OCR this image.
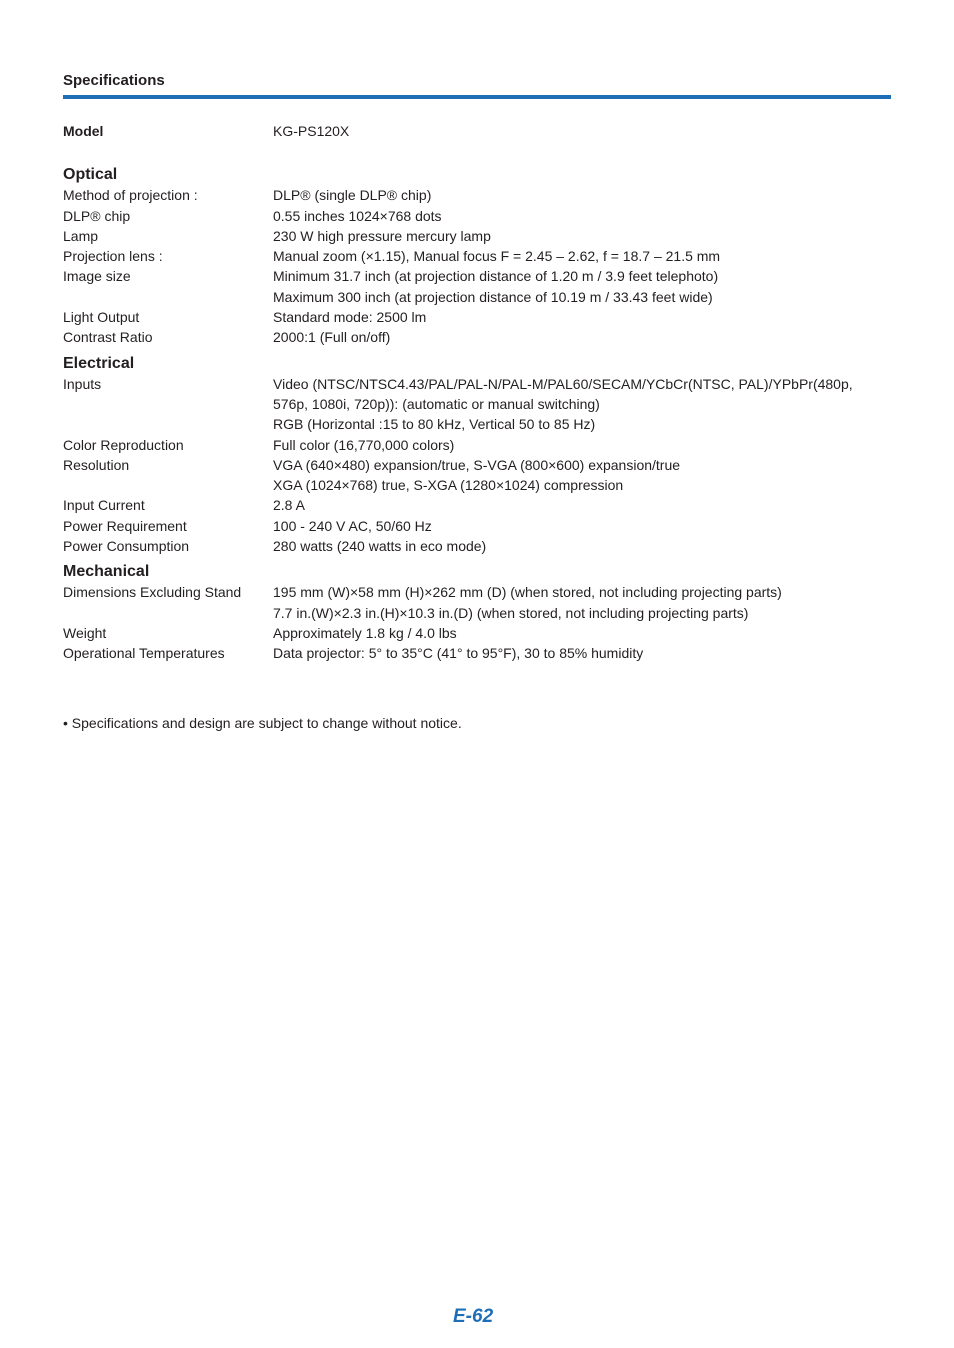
Specifications
Model	KG-PS120X
Optical
Method of projection :	DLP® (single DLP® chip)
DLP® chip	0.55 inches 1024×768 dots
Lamp	230 W high pressure mercury lamp
Projection lens :	Manual zoom (×1.15), Manual focus F = 2.45 – 2.62, f = 18.7 – 21.5 mm
Image size	Minimum 31.7 inch (at projection distance of 1.20 m / 3.9 feet telephoto)
Maximum 300 inch (at projection distance of 10.19 m / 33.43 feet wide)
Light Output	Standard mode: 2500 lm
Contrast Ratio	2000:1 (Full on/off)
Electrical
Inputs	Video (NTSC/NTSC4.43/PAL/PAL-N/PAL-M/PAL60/SECAM/YCbCr(NTSC, PAL)/YPbPr(480p,
576p, 1080i, 720p)): (automatic or manual switching)
RGB (Horizontal :15 to 80 kHz, Vertical 50 to 85 Hz)
Color Reproduction	Full color (16,770,000 colors)
Resolution	VGA (640×480) expansion/true, S-VGA (800×600) expansion/true
XGA (1024×768) true, S-XGA (1280×1024) compression
Input Current	2.8 A
Power Requirement	100 - 240 V AC, 50/60 Hz
Power Consumption	280 watts (240 watts in eco mode)
Mechanical
Dimensions Excluding Stand	195 mm (W)×58 mm (H)×262 mm (D) (when stored, not including projecting parts)
7.7 in.(W)×2.3 in.(H)×10.3 in.(D) (when stored, not including projecting parts)
Weight	Approximately 1.8 kg / 4.0 lbs
Operational Temperatures	Data projector: 5° to 35°C (41° to 95°F), 30 to 85% humidity
• Specifications and design are subject to change without notice.
E-62
